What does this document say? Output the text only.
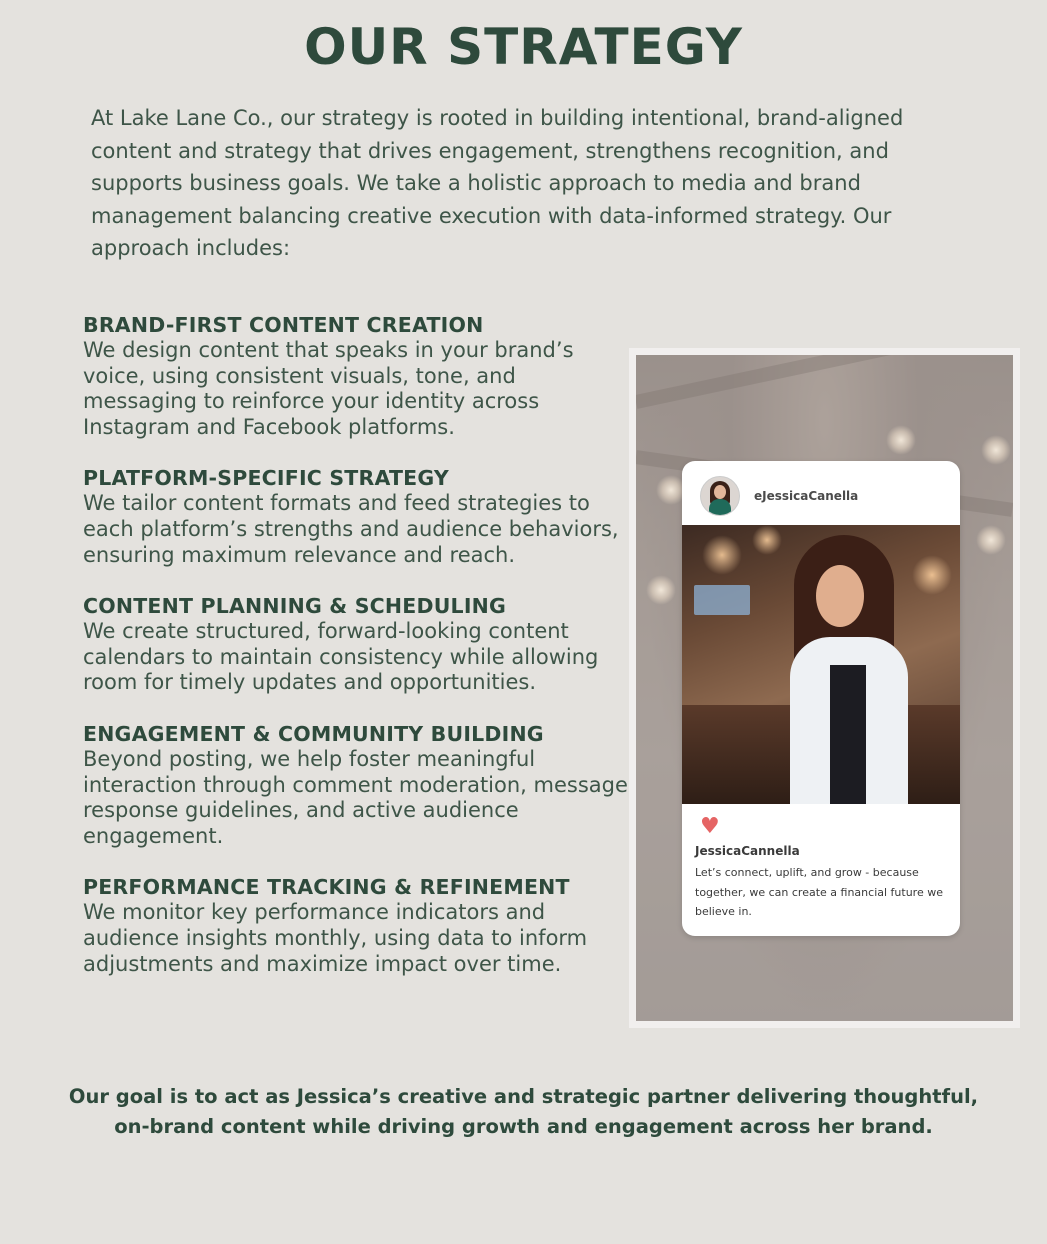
OUR STRATEGY

At Lake Lane Co., our strategy is rooted in building intentional, brand-aligned content and strategy that drives engagement, strengthens recognition, and supports business goals. We take a holistic approach to media and brand management balancing creative execution with data-informed strategy. Our approach includes:

BRAND-FIRST CONTENT CREATION

We design content that speaks in your brand’s voice, using consistent visuals, tone, and messaging to reinforce your identity across Instagram and Facebook platforms.

PLATFORM-SPECIFIC STRATEGY

We tailor content formats and feed strategies to each platform’s strengths and audience behaviors, ensuring maximum relevance and reach.

CONTENT PLANNING & SCHEDULING

We create structured, forward-looking content calendars to maintain consistency while allowing room for timely updates and opportunities.

ENGAGEMENT & COMMUNITY BUILDING

Beyond posting, we help foster meaningful interaction through comment moderation, message response guidelines, and active audience engagement.

PERFORMANCE TRACKING & REFINEMENT

We monitor key performance indicators and audience insights monthly, using data to inform adjustments and maximize impact over time.

eJessicaCanella
♥
JessicaCannella
Let’s connect, uplift, and grow - because together, we can create a financial future we believe in.

Our goal is to act as Jessica’s creative and strategic partner delivering thoughtful, on-brand content while driving growth and engagement across her brand.
